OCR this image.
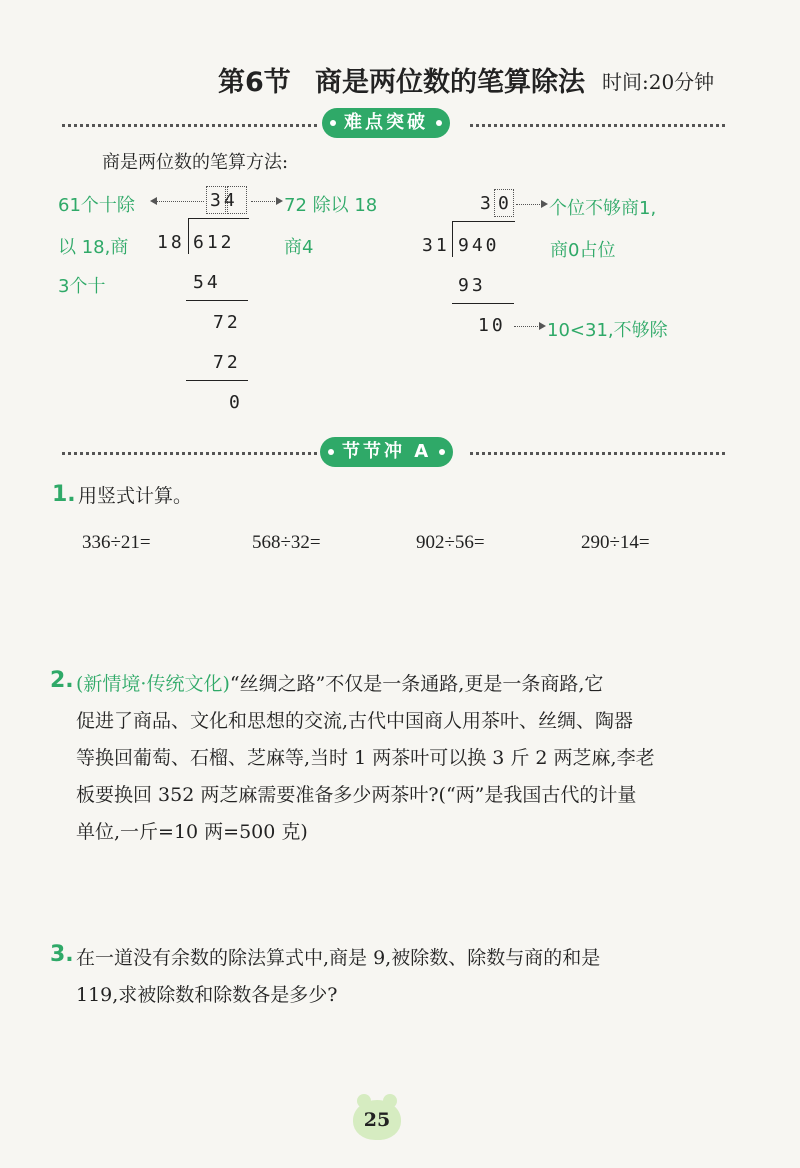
第6节 商是两位数的笔算除法 时间:20分钟
难点突破
商是两位数的笔算方法:
61个十除	34	72 除以 18
以 18,商 18 612	商4
3个十	54
72
72
0
3 0 个位不够商1,
31 940	商0占位
93
10 10<31,不够除
节节冲 A
1. 用竖式计算。
336÷21=	568÷32=	902÷56=	290÷14=
2. (新情境·传统文化)“丝绸之路”不仅是一条通路,更是一条商路,它
促进了商品、文化和思想的交流,古代中国商人用茶叶、丝绸、陶器
等换回葡萄、石榴、芝麻等,当时 1 两茶叶可以换 3 斤 2 两芝麻,李老
板要换回 352 两芝麻需要准备多少两茶叶?(“两”是我国古代的计量
单位,一斤=10 两=500 克)
3. 在一道没有余数的除法算式中,商是 9,被除数、除数与商的和是
119,求被除数和除数各是多少?
25
